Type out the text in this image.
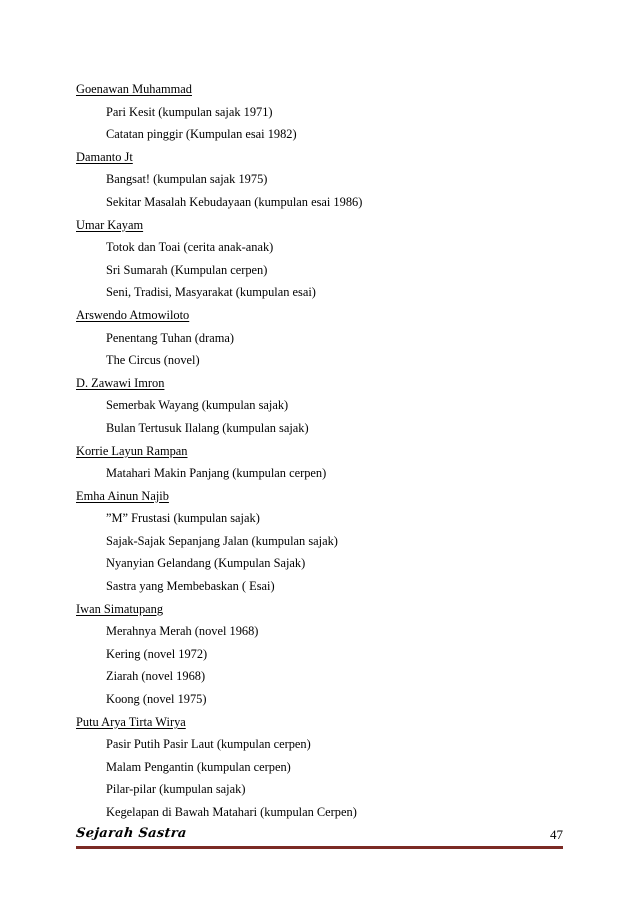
Goenawan Muhammad
Pari Kesit (kumpulan sajak 1971)
Catatan pinggir (Kumpulan esai 1982)
Damanto Jt
Bangsat! (kumpulan sajak 1975)
Sekitar Masalah Kebudayaan (kumpulan esai 1986)
Umar Kayam
Totok dan Toai (cerita anak-anak)
Sri Sumarah (Kumpulan cerpen)
Seni, Tradisi, Masyarakat (kumpulan esai)
Arswendo Atmowiloto
Penentang Tuhan (drama)
The Circus (novel)
D. Zawawi Imron
Semerbak Wayang (kumpulan sajak)
Bulan Tertusuk Ilalang (kumpulan sajak)
Korrie Layun Rampan
Matahari Makin Panjang (kumpulan cerpen)
Emha Ainun Najib
”M” Frustasi (kumpulan sajak)
Sajak-Sajak Sepanjang Jalan (kumpulan sajak)
Nyanyian Gelandang (Kumpulan Sajak)
Sastra yang Membebaskan ( Esai)
Iwan Simatupang
Merahnya Merah (novel 1968)
Kering (novel 1972)
Ziarah (novel 1968)
Koong (novel 1975)
Putu Arya Tirta Wirya
Pasir Putih Pasir Laut (kumpulan cerpen)
Malam Pengantin (kumpulan cerpen)
Pilar-pilar (kumpulan sajak)
Kegelapan di Bawah Matahari (kumpulan Cerpen)
Sejarah Sastra	47
